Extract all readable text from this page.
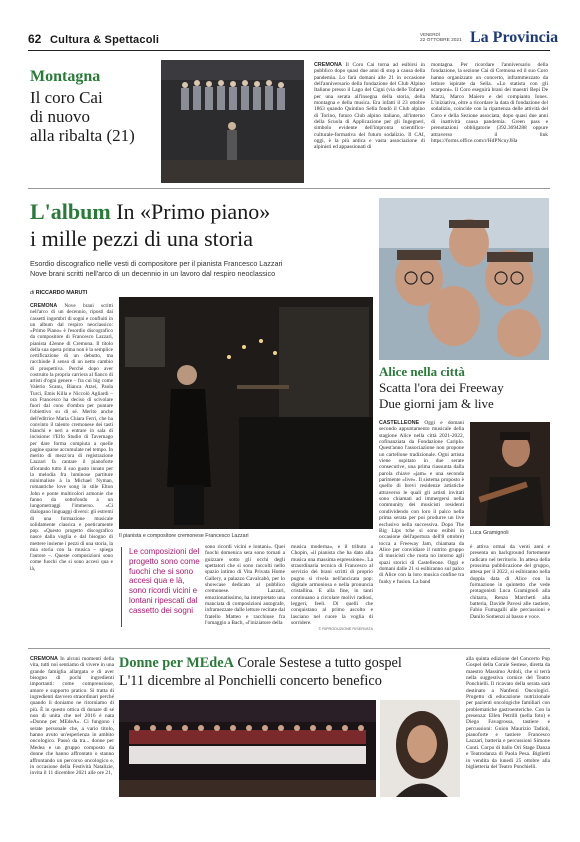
62 Cultura & Spettacoli	VENERDÌ
22 OTTOBRE 2021 La Provincia
Montagna
Il coro Cai
di nuovo
alla ribalta (21)
CREMONA Il Coro Cai torna ad esibirsi in pubblico dopo quasi due anni di stop a causa della pandemia. Lo farà domani alle 21 in occasione dell'anniversario della fondazione del Club Alpino Italiano presso il Lago del Cigni (via delle Tofane) per una serata all'insegna della storia, della montagna e della musica. Era infatti il 23 ottobre 1863 quando Quintino Sella fondò il Club alpino di Torino, futuro Club alpino italiano, all'interno della Scuola di Applicazione per gli Ingegneri, simbolo evidente dell'impronta scientifico-culturale-formativa del futuro sodalizio. Il CAI, oggi, è la più antica e vasta associazione di alpinisti ed appassionati di
montagna. Per ricordare l'anniversario della fondazione, la sezione Cai di Cremona ed il suo Coro hanno organizzato un concerto, inframmezzato da letture ispirate da Sella. «Lo statista con gli scarponi». Il Coro eseguirà brani dei maestri Bepi De Marzi, Marco Maiero e del compianto Iones. L'iniziativa, oltre a ricordare la data di fondazione del sodalizio, coincide con la ripartenza delle attività del Coro e della Sezione associata, dopo quasi due anni di inattività causa pandemia. Green pass e prenotazioni obbligatorie (392.3694288 oppure attraverso il link https://forms.office.com/r/HdPNcuyJHa
L'album In «Primo piano»
i mille pezzi di una storia
Esordio discografico nelle vesti di compositore per il pianista Francesco Lazzari
Nove brani scritti nell'arco di un decennio in un lavoro dal respiro neoclassico
di RICCARDO MARUTI
CREMONA Nove brani scritti nell'arco di un decennio, riposti dai cassetti ingombri di sogni e confluiti in un album dal respiro neoclassico: «Primo Piano» è l'esordio discografico da compositore di Francesco Lazzari, pianista 42enne di Cremona. Il titolo della sua opera prima non è la semplice certificazione di un debutto, ma racchiude il senso di un netto cambio di prospettiva. Perché dopo aver costruito la propria carriera al fianco di artisti d'ogni genere – fra cui big come Valerio Scanu, Bianca Atzei, Paola Turci, Emis Killa e Niccolò Agliardi – ora Francesco ha deciso di scivolare fuori dal cono d'ombra per puntare l'obiettivo su di sé. Merito anche dell'editrice Maria Chiara Ferri, che ha convinto il talento cremonese dei tasti bianchi e neri a entrare in sala di incisione: l'Elfo Studio di Tavernago per dare forma compiuta a quelle pagine sparse accumulate nel tempo. In merito di mezz'ora di registrazione Lazzari fa cantare il pianoforte sfiorando tutto il suo gusto innato per la melodia fra luminose partiture minimaliste à la Michael Nyman, romantiche love song in stile Elton John e ponte multicolori armonie che fanno da sottofondo a un lungometraggi l'immerso. «Ci dialogano linguaggi diversi: gli estremi di una formazione musicale solidamente classica e poeticamente pop. «Questo progetto discografico nasce dalla voglia e dal bisogno di mettere insieme i pezzi di una storia, la mia storia con la musica – spiega l'autore –. Queste composizioni sono come fuochi che si sono accesi qua e là,
Il pianista e compositore cremonese Francesco Lazzari
Le composizioni del progetto sono come fuochi che si sono accesi qua e là, sono ricordi vicini e lontani ripescati dal cassetto dei sogni
sono ricordi vicini e lontani». Quei fuochi domenica sera sono tornati a guizzare sotto gli occhi degli spettatori che si sono raccolti nello spazio intimo di Vita Privata Home Gallery, a palazzo Cavalcabò, per lo showcase dedicato al pubblico cremonese. Lazzari, emozionatissimo, ha interpretato una manciata di composizioni autografe, inframezzate dalle letture recitate dal fratello Matteo e racchiuse fra l'omaggio a Bach, «l'iniziatore della
musica moderna», e il tributo a Chopin, «il pianista che ha dato alla musica una massima espressione». La straordinaria tecnica di Francesco al servizio dei brani scritti di proprio pugno si rivela nell'ancicata pop: digitale armoniosa e nella pronuncia cristallina. E alla fine, in tanti continuano a circolare molivi radiosi, leggeri, feeli. Di quelli che conquistano al primo ascolto e lasciano nel cuore la voglia di sorridere.
© RIPRODUZIONE RISERVATA
Alice nella città
Scatta l'ora dei Freeway
Due giorni jam & live
CASTELLEONE Oggi e domani secondo appuntamento musicale della stagione Alice nella città 2021-2022, cofinanziata da Fondazione Cariplo. Quest'anno l'associazione non propone un cartellone tradizionale. Ogni artista viene ospitato in due serate consecutive, una prima riassunta dalla parola chiave «jam» e una seconda parimente «live». Il sistema proposto è quello di brevi residenze artistiche attraverso le quali gli artisti invitati sono chiamati ad immergersi nella community dei musicisti residenti condividendo con loro il palco nella prima serata per poi produrre un live esclusivo nella successiva. Dopo The Big Lips tche si sono esibiti in occasione dell'apertura dell'8 ottobre) tocca a Freeway Jam, chiamata da Alice per convidiare il nutrito gruppo di musicisti che ruota no intorno agli spazi storici di Castelleone. Oggi e domani dalle 21 si esibiranno sul palco di Alice con la loro musica confine tra funky e fusion. La band
Luca Gramignoli
è attiva ormai da venti anni e presenta un background fortemente radicato nel territorio. In attesa della prossima pubblicazione del gruppo, attesa per il 2022, si esibiranno nella doppia data di Alice con la formazione in quintetto che vede protagonisti Luca Gramignoli alla chitarra, Renzo Marchetti alla batteria, Davide Pavesi alle tastiere, Fabio Fumagalli alle percussioni e Danilo Somenzi al basso e voce.
CREMONA In alcuni momenti della vita, tutti noi sentiamo di vivere in una grande famiglia allargata e di aver bisogno di pochi ingredienti importanti: come comprensione, amore e supporto pratico. Si tratta di ingredienti davvero straordinari perché quando li doniamo ne ritorniamo di più. È in questo ottica di donare di sé non di unita che nel 2016 è nata «Donne per MEdeA». Ci fungono i serate personale che, a vario titolo, hanno avuto un'esperienza in ambito oncologico. Passò da tra... donne per Medea e un gruppo composto da donne che hanno affrontato o stanno affrontando un percorso oncologico e, in occasione della Festività Natalizie, invita il 11 dicembre 2021 alle ore 21,
Donne per MEdeA Corale Sestese a tutto gospel
L'11 dicembre al Ponchielli concerto benefico
alla quinta edizione del Concerto Pop Gospel della Corale Sestese, diretta da maestro Massimo Ardoli, che si terrà nella suggestiva cornice del Teatro Ponchielli. Il ricavato della serata sarà destinato a Nanfenti Oncologici. Progetto di educazione nutrizionale per pazienti oncologiche familiari con problematiche gastroenteriche. Con la presenza: Ellen Petrilli (nella foto) e Diego Favagrossa, tastiere e percussioni: Guion Maurizio Tadioli, pianoforte e tastiere Francesco Lazzari, batteria e percussioni Simone Conti. Corpo di ballo Ori Stage Danza e Teatrodanza di Paola Pesa. Biglietti in vendita da lunedì 25 ottobre alla biglietteria del Teatro Ponchielli.
